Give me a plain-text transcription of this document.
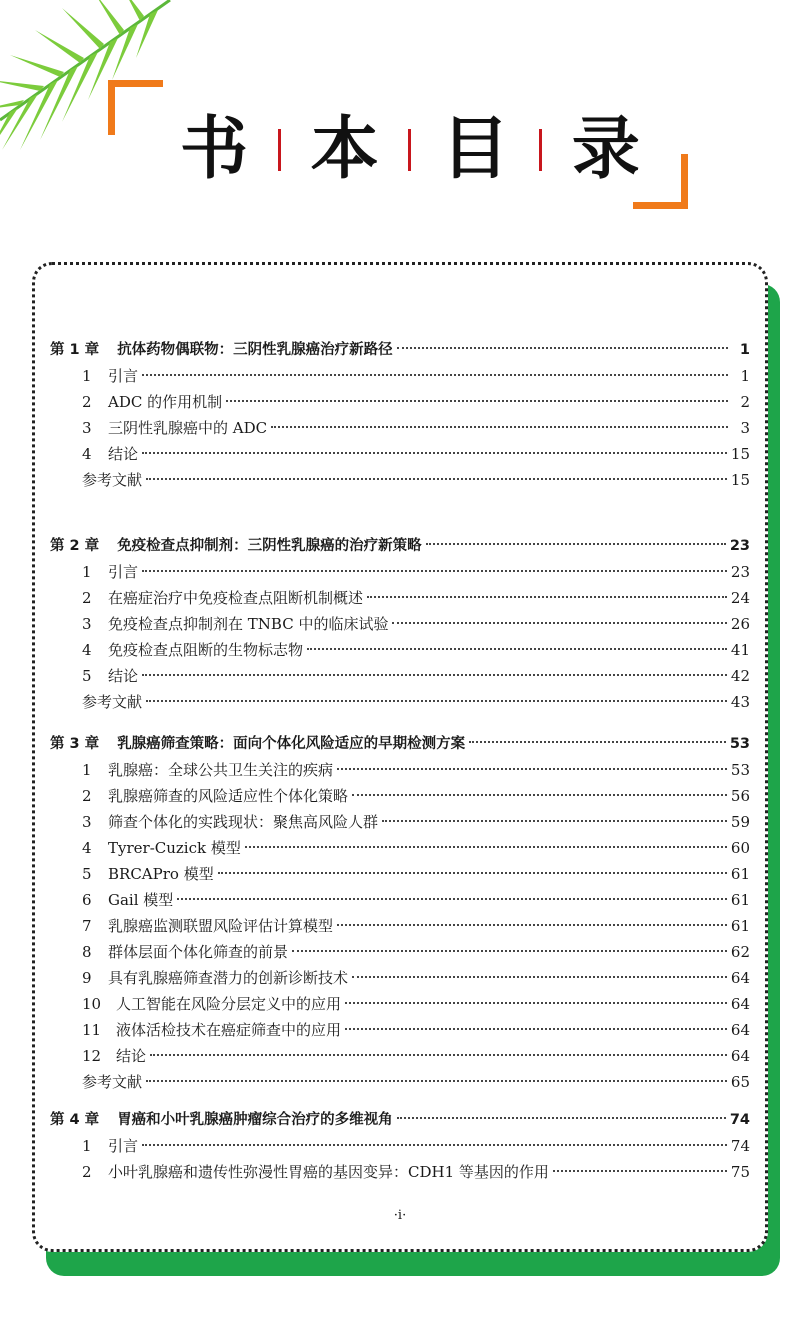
书 本 目 录
第 1 章 抗体药物偶联物：三阴性乳腺癌治疗新路径	1
1 引言	1
2 ADC 的作用机制	2
3 三阴性乳腺癌中的 ADC	3
4 结论	15
参考文献	15
第 2 章 免疫检查点抑制剂：三阴性乳腺癌的治疗新策略	23
1 引言	23
2 在癌症治疗中免疫检查点阻断机制概述	24
3 免疫检查点抑制剂在 TNBC 中的临床试验	26
4 免疫检查点阻断的生物标志物	41
5 结论	42
参考文献	43
第 3 章 乳腺癌筛查策略：面向个体化风险适应的早期检测方案	53
1 乳腺癌：全球公共卫生关注的疾病	53
2 乳腺癌筛查的风险适应性个体化策略	56
3 筛查个体化的实践现状：聚焦高风险人群	59
4 Tyrer-Cuzick 模型	60
5 BRCAPro 模型	61
6 Gail 模型	61
7 乳腺癌监测联盟风险评估计算模型	61
8 群体层面个体化筛查的前景	62
9 具有乳腺癌筛查潜力的创新诊断技术	64
10 人工智能在风险分层定义中的应用	64
11 液体活检技术在癌症筛查中的应用	64
12 结论	64
参考文献	65
第 4 章 胃癌和小叶乳腺癌肿瘤综合治疗的多维视角	74
1 引言	74
2 小叶乳腺癌和遗传性弥漫性胃癌的基因变异：CDH1 等基因的作用	75
·i·
